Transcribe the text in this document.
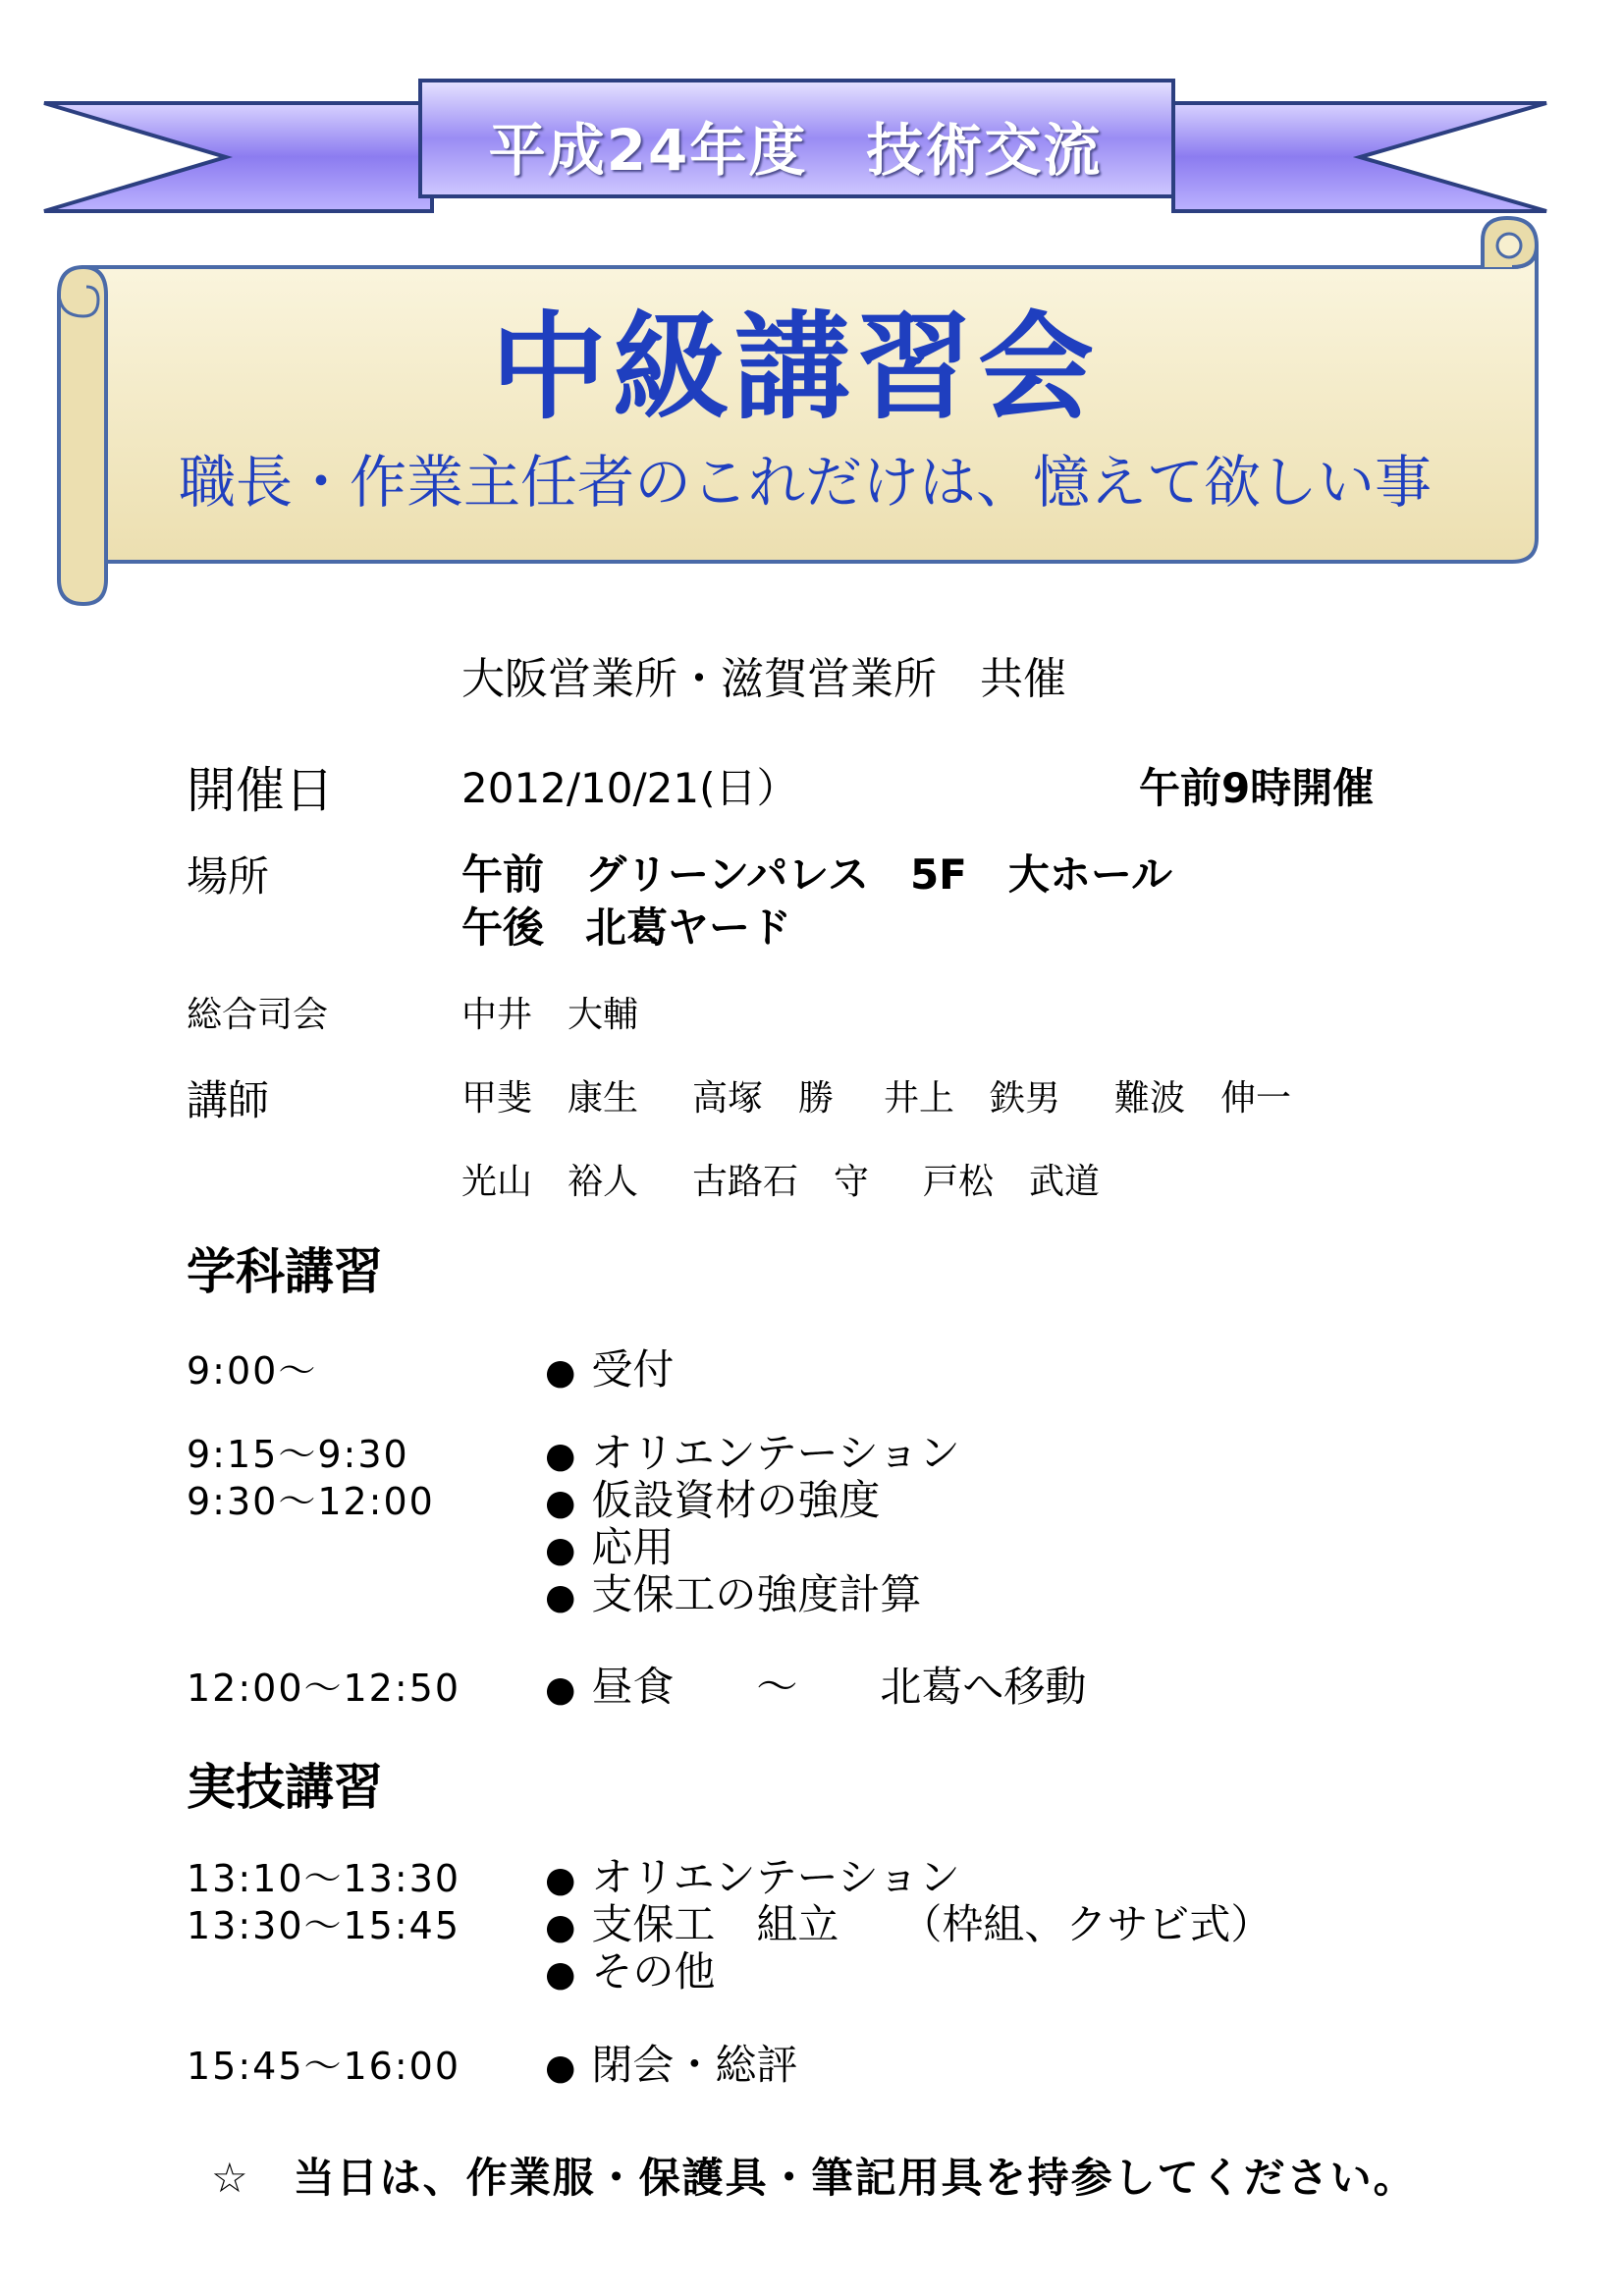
平成24年度　技術交流
中級講習会
職長・作業主任者のこれだけは、憶えて欲しい事
大阪営業所・滋賀営業所　共催
開催日	2012/10/21(日）	午前9時開催
場所	午前　グリーンパレス　5F　大ホール
午後　北葛ヤード
総合司会	中井　大輔
講師	甲斐　康生 高塚　勝 井上　鉄男 難波　伸一
光山　裕人 古路石　守 戸松　武道
学科講習
9:00〜	● 受付
9:15〜9:30	● オリエンテーション
9:30〜12:00	● 仮設資材の強度
● 応用
● 支保工の強度計算
12:00〜12:50 ● 昼食　　〜　　北葛へ移動
実技講習
13:10〜13:30 ● オリエンテーション
13:30〜15:45 ● 支保工　組立　　（枠組、クサビ式）
● その他
15:45〜16:00 ● 閉会・総評
☆　当日は、作業服・保護具・筆記用具を持参してください。
